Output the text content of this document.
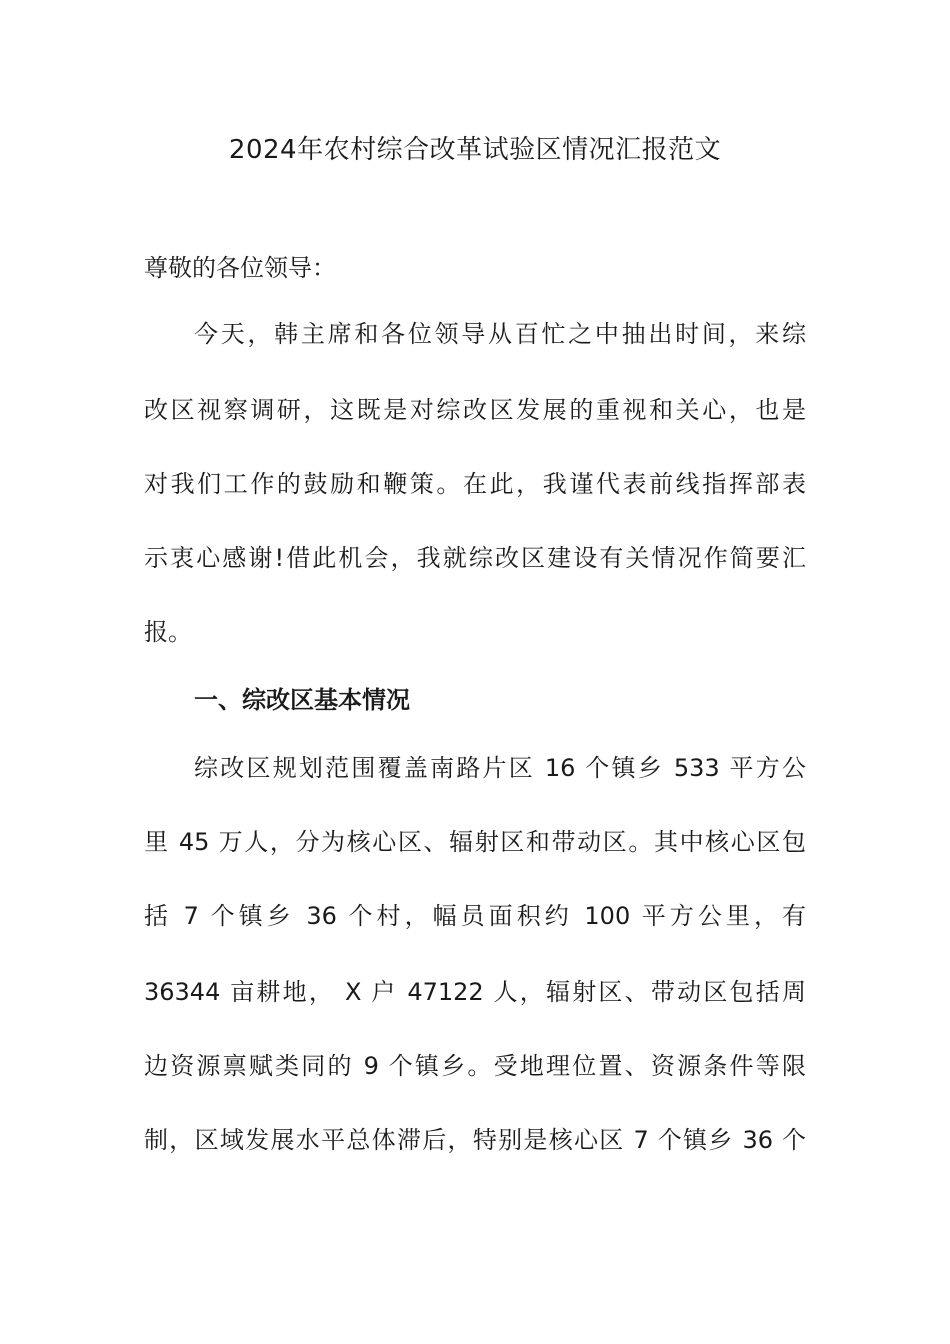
2024年农村综合改革试验区情况汇报范文

尊敬的各位领导：

今天，韩主席和各位领导从百忙之中抽出时间，来综

改区视察调研，这既是对综改区发展的重视和关心，也是

对我们工作的鼓励和鞭策。在此，我谨代表前线指挥部表

示衷心感谢!借此机会，我就综改区建设有关情况作简要汇

报。

一、综改区基本情况

综改区规划范围覆盖南路片区 16 个镇乡 533 平方公

里 45 万人，分为核心区、辐射区和带动区。其中核心区包

括 7 个镇乡 36 个村，幅员面积约 100 平方公里，有

36344 亩耕地， X 户 47122 人，辐射区、带动区包括周

边资源禀赋类同的 9 个镇乡。受地理位置、资源条件等限

制，区域发展水平总体滞后，特别是核心区 7 个镇乡 36 个
